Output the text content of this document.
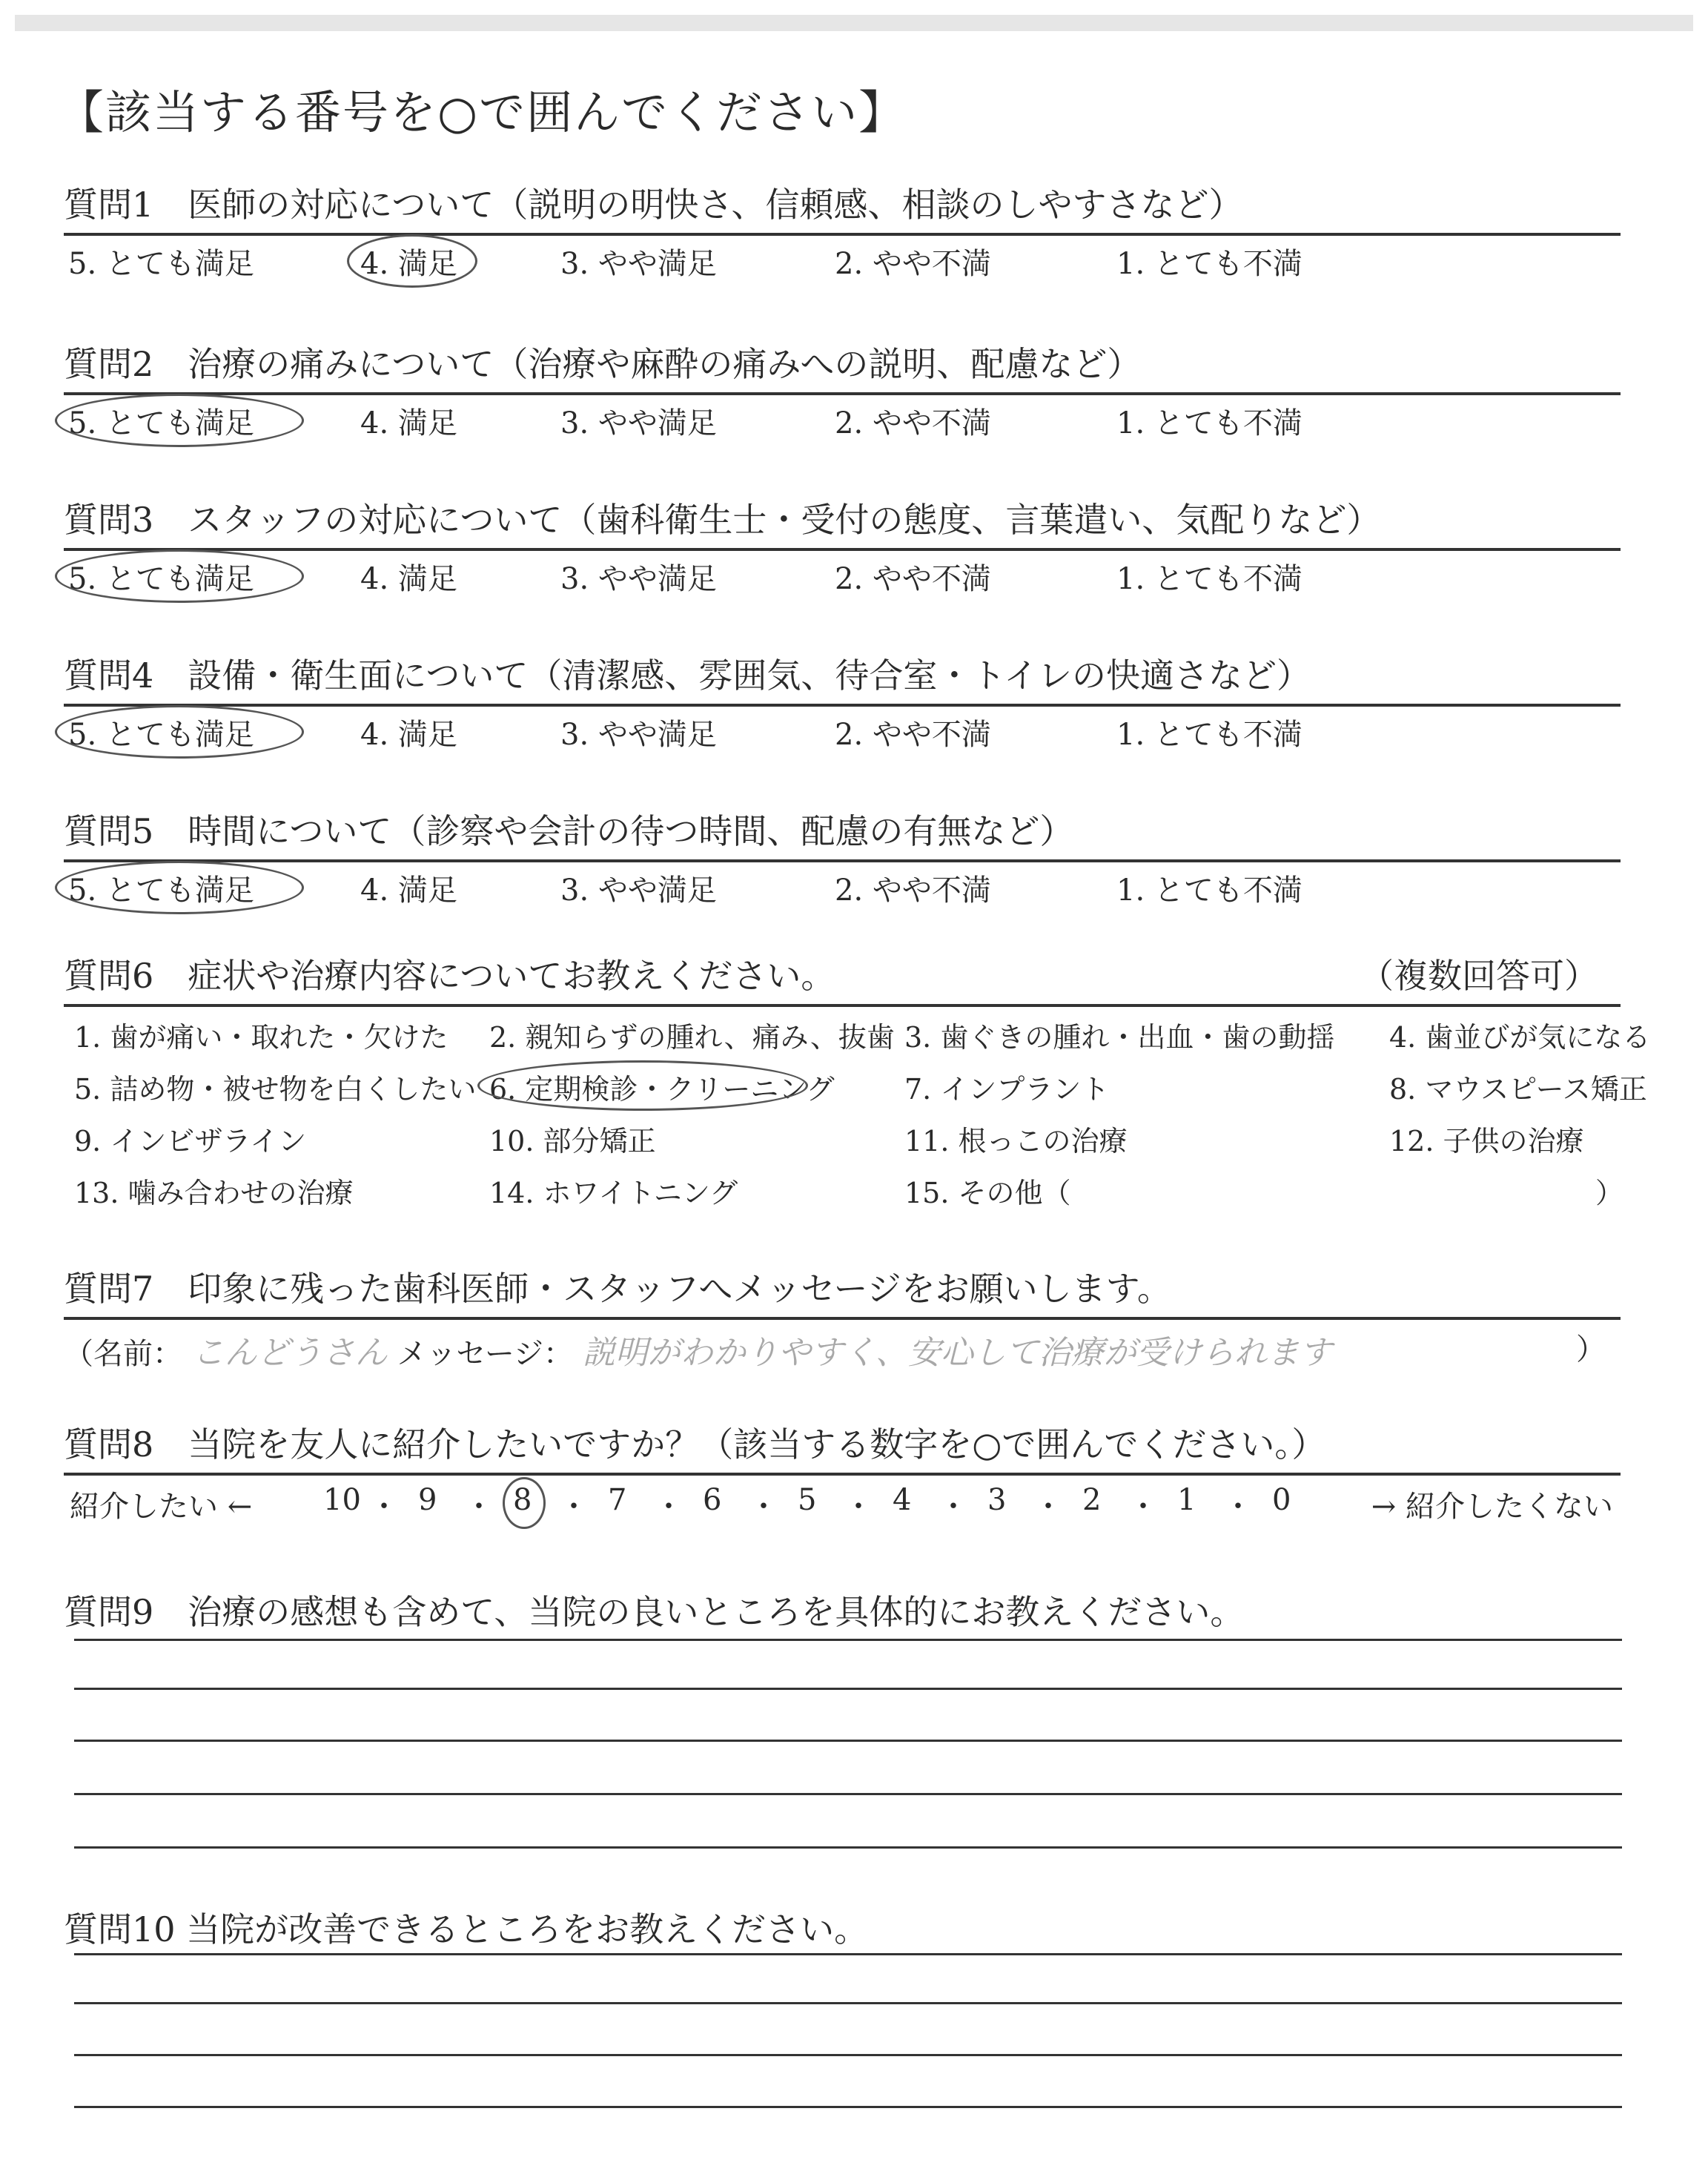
【該当する番号を○で囲んでください】
質問1　医師の対応について（説明の明快さ、信頼感、相談のしやすさなど）
5. とても満足	4. 満足	3. やや満足	2. やや不満	1. とても不満
質問2　治療の痛みについて（治療や麻酔の痛みへの説明、配慮など）
5. とても満足	4. 満足	3. やや満足	2. やや不満	1. とても不満
質問3　スタッフの対応について（歯科衛生士・受付の態度、言葉遣い、気配りなど）
5. とても満足	4. 満足	3. やや満足	2. やや不満	1. とても不満
質問4　設備・衛生面について（清潔感、雰囲気、待合室・トイレの快適さなど）
5. とても満足	4. 満足	3. やや満足	2. やや不満	1. とても不満
質問5　時間について（診察や会計の待つ時間、配慮の有無など）
5. とても満足	4. 満足	3. やや満足	2. やや不満	1. とても不満
質問6　症状や治療内容についてお教えください。	（複数回答可）
1. 歯が痛い・取れた・欠けた 2. 親知らずの腫れ、痛み、抜歯 3. 歯ぐきの腫れ・出血・歯の動揺 4. 歯並びが気になる
5. 詰め物・被せ物を白くしたい 6. 定期検診・クリーニング 7. インプラント	8. マウスピース矯正
9. インビザライン	10. 部分矯正	11. 根っこの治療	12. 子供の治療
13. 噛み合わせの治療	14. ホワイトニング	15. その他（	）
質問7　印象に残った歯科医師・スタッフへメッセージをお願いします。
（名前： こんどうさん メッセージ： 説明がわかりやすく、安心して治療が受けられます	）
質問8　当院を友人に紹介したいですか？（該当する数字を○で囲んでください。）
紹介したい ←	→ 紹介したくない
10 ・ 9 ・ 8 ・ 7 ・ 6 ・ 5 ・ 4 ・ 3 ・ 2 ・ 1 ・ 0
質問9　治療の感想も含めて、当院の良いところを具体的にお教えください。
質問10 当院が改善できるところをお教えください。
